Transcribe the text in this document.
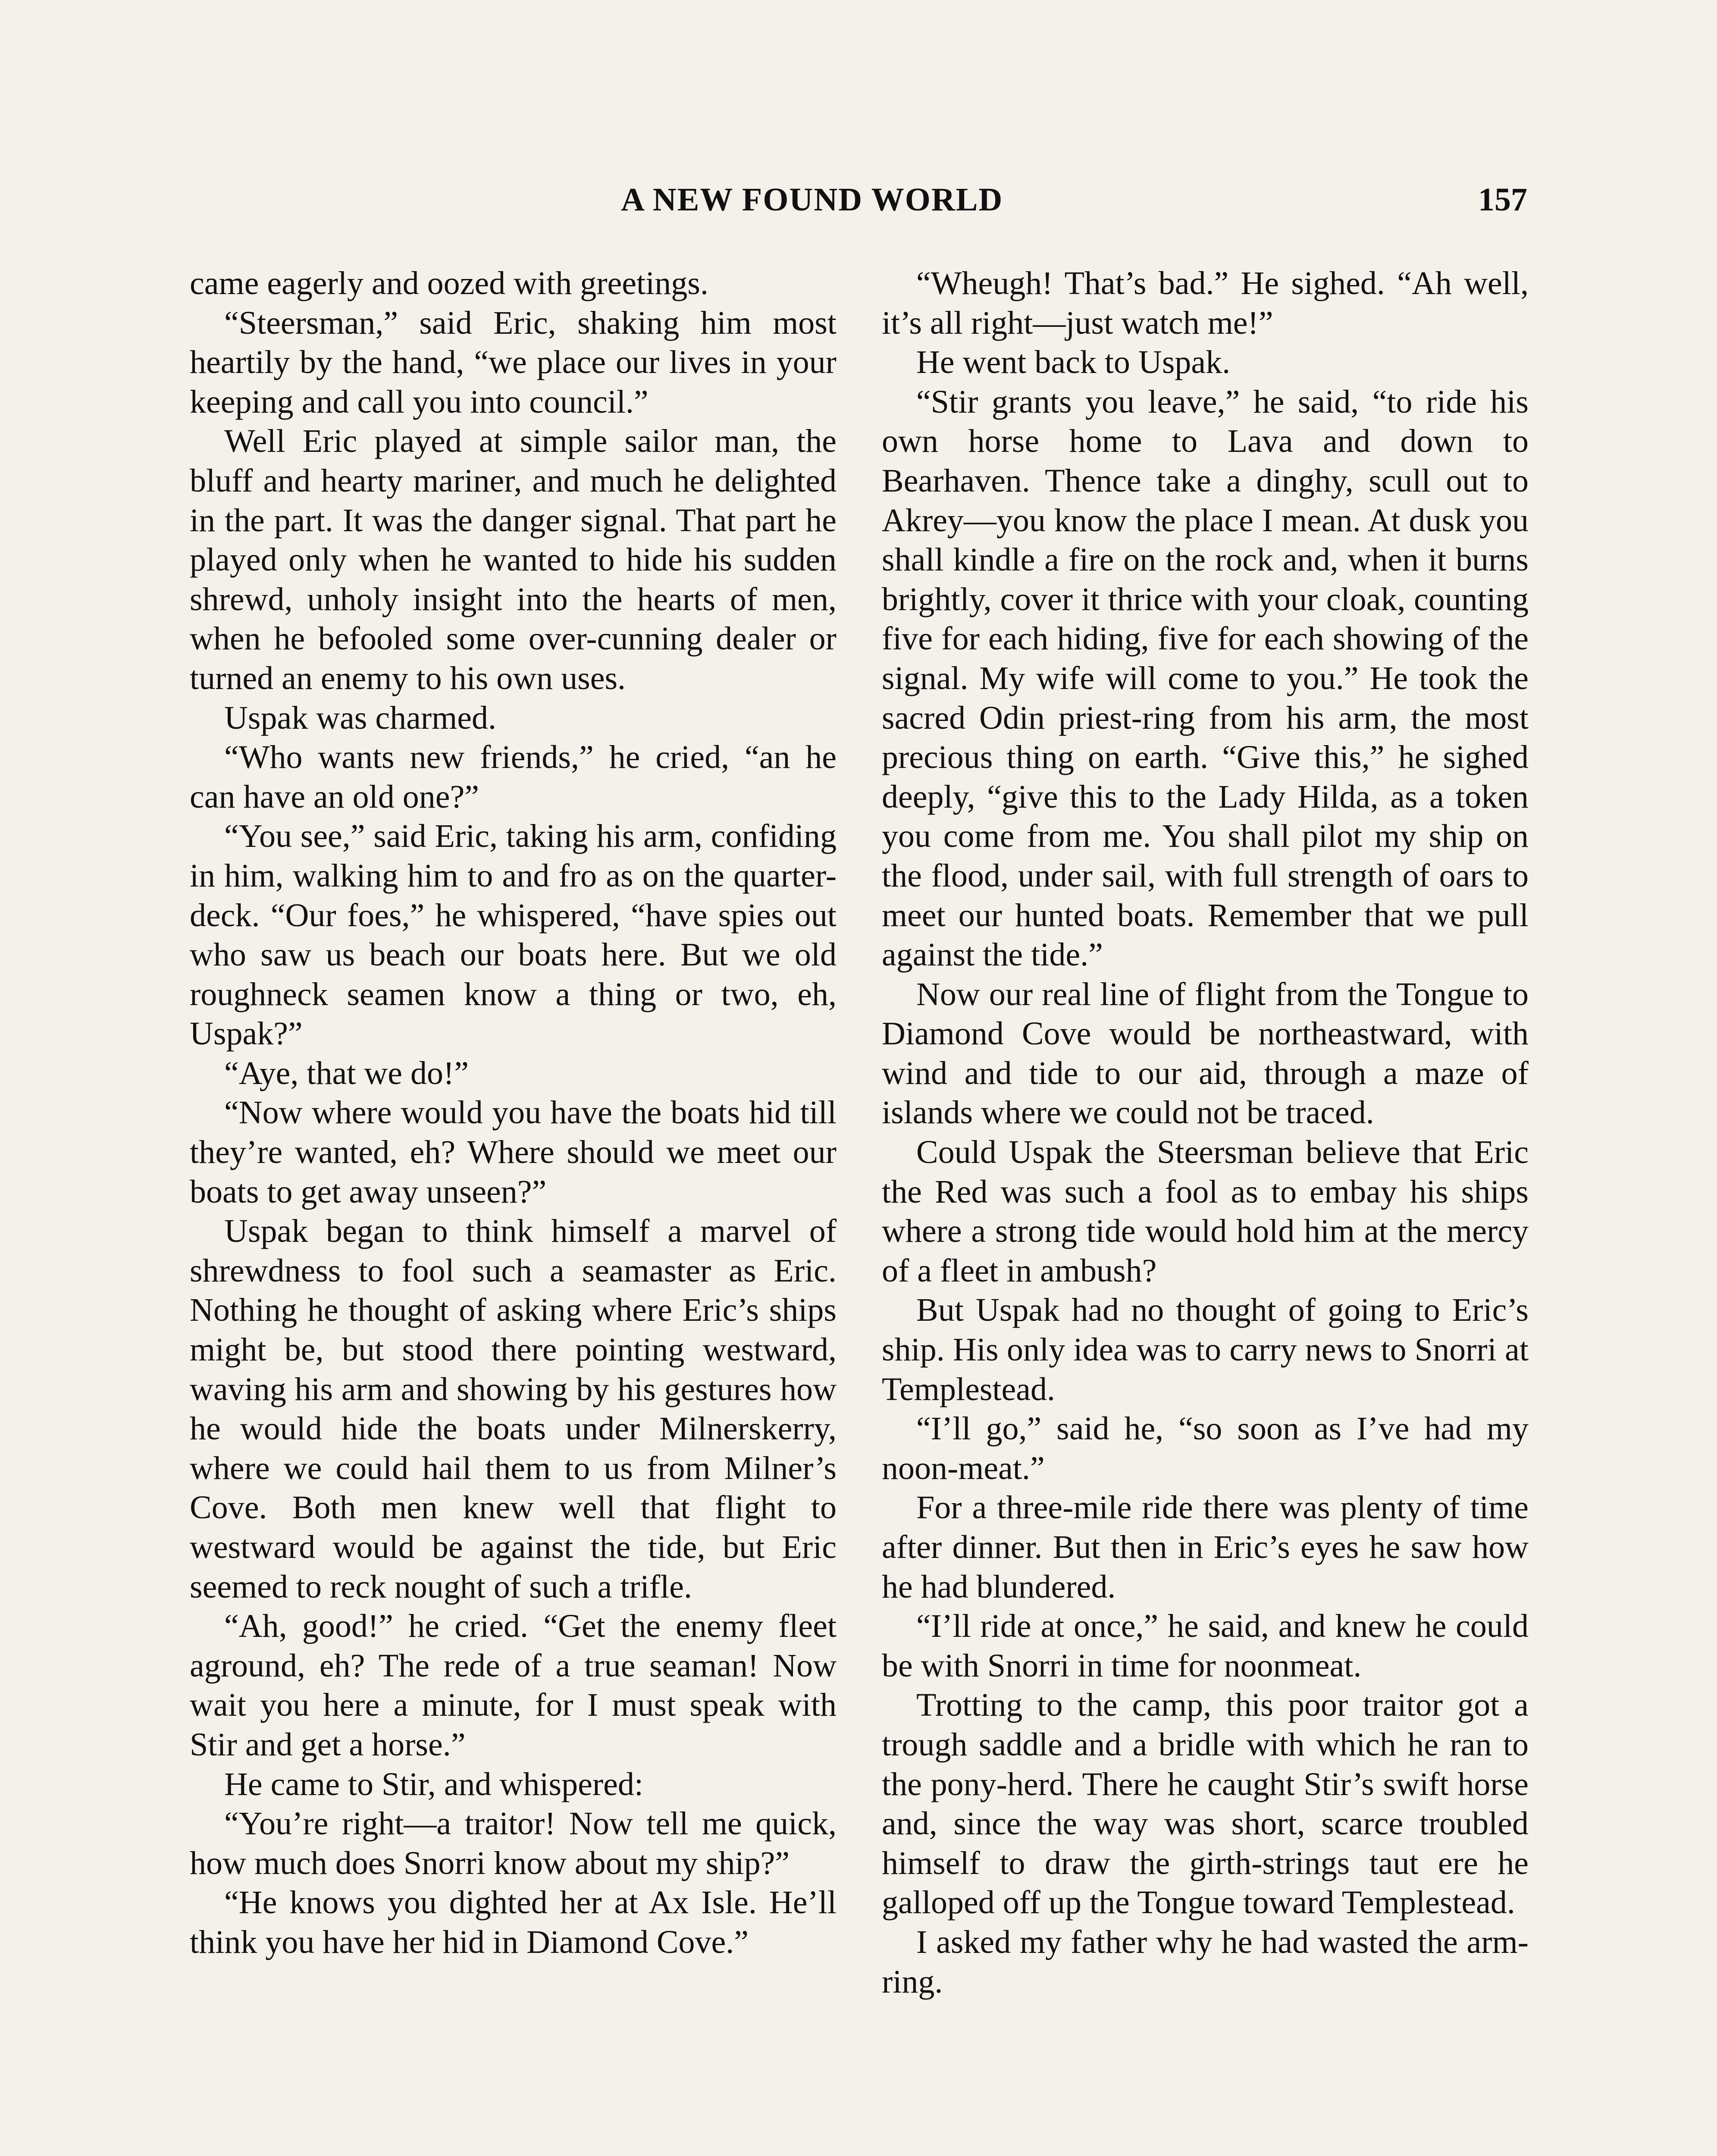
A NEW FOUND WORLD	157

came eagerly and oozed with greetings.

“Steersman,” said Eric, shaking him most heartily by the hand, “we place our lives in your keeping and call you into council.”

Well Eric played at simple sailor man, the bluff and hearty mariner, and much he delighted in the part. It was the danger signal. That part he played only when he wanted to hide his sudden shrewd, unholy insight into the hearts of men, when he befooled some over-cunning dealer or turned an enemy to his own uses.

Uspak was charmed.

“Who wants new friends,” he cried, “an he can have an old one?”

“You see,” said Eric, taking his arm, confiding in him, walking him to and fro as on the quarter-deck. “Our foes,” he whispered, “have spies out who saw us beach our boats here. But we old roughneck seamen know a thing or two, eh, Uspak?”

“Aye, that we do!”

“Now where would you have the boats hid till they’re wanted, eh? Where should we meet our boats to get away unseen?”

Uspak began to think himself a marvel of shrewdness to fool such a seamaster as Eric. Nothing he thought of asking where Eric’s ships might be, but stood there pointing westward, waving his arm and showing by his gestures how he would hide the boats under Milnerskerry, where we could hail them to us from Milner’s Cove. Both men knew well that flight to westward would be against the tide, but Eric seemed to reck nought of such a trifle.

“Ah, good!” he cried. “Get the enemy fleet aground, eh? The rede of a true seaman! Now wait you here a minute, for I must speak with Stir and get a horse.”

He came to Stir, and whispered:

“You’re right—a traitor! Now tell me quick, how much does Snorri know about my ship?”

“He knows you dighted her at Ax Isle. He’ll think you have her hid in Diamond Cove.”

“Wheugh! That’s bad.” He sighed. “Ah well, it’s all right—just watch me!”

He went back to Uspak.

“Stir grants you leave,” he said, “to ride his own horse home to Lava and down to Bearhaven. Thence take a dinghy, scull out to Akrey—you know the place I mean. At dusk you shall kindle a fire on the rock and, when it burns brightly, cover it thrice with your cloak, counting five for each hiding, five for each showing of the signal. My wife will come to you.” He took the sacred Odin priest-ring from his arm, the most precious thing on earth. “Give this,” he sighed deeply, “give this to the Lady Hilda, as a token you come from me. You shall pilot my ship on the flood, under sail, with full strength of oars to meet our hunted boats. Remember that we pull against the tide.”

Now our real line of flight from the Tongue to Diamond Cove would be northeastward, with wind and tide to our aid, through a maze of islands where we could not be traced.

Could Uspak the Steersman believe that Eric the Red was such a fool as to embay his ships where a strong tide would hold him at the mercy of a fleet in ambush?

But Uspak had no thought of going to Eric’s ship. His only idea was to carry news to Snorri at Templestead.

“I’ll go,” said he, “so soon as I’ve had my noon-meat.”

For a three-mile ride there was plenty of time after dinner. But then in Eric’s eyes he saw how he had blundered.

“I’ll ride at once,” he said, and knew he could be with Snorri in time for noonmeat.

Trotting to the camp, this poor traitor got a trough saddle and a bridle with which he ran to the pony-herd. There he caught Stir’s swift horse and, since the way was short, scarce troubled himself to draw the girth-strings taut ere he galloped off up the Tongue toward Templestead.

I asked my father why he had wasted the arm-ring.
